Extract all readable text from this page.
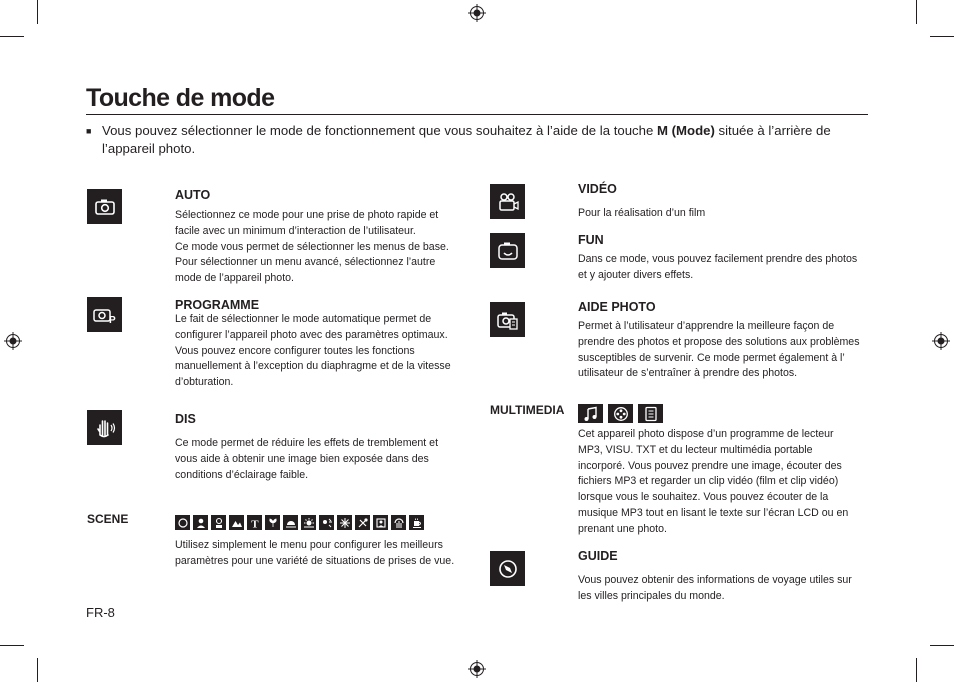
Touche de mode
■ Vous pouvez sélectionner le mode de fonctionnement que vous souhaitez à l’aide de la touche M (Mode) située à l’arrière de l’appareil photo.
AUTO
Sélectionnez ce mode pour une prise de photo rapide et
facile avec un minimum d’interaction de l’utilisateur.
Ce mode vous permet de sélectionner les menus de base.
Pour sélectionner un menu avancé, sélectionnez l’autre
mode de l’appareil photo.
P
PROGRAMME
Le fait de sélectionner le mode automatique permet de
configurer l’appareil photo avec des paramètres optimaux.
Vous pouvez encore configurer toutes les fonctions
manuellement à l’exception du diaphragme et de la vitesse
d’obturation.
DIS
Ce mode permet de réduire les effets de tremblement et
vous aide à obtenir une image bien exposée dans des
conditions d’éclairage faible.
SCENE	T
Utilisez simplement le menu pour configurer les meilleurs
paramètres pour une variété de situations de prises de vue.
VIDÉO
Pour la réalisation d’un film
FUN
Dans ce mode, vous pouvez facilement prendre des photos
et y ajouter divers effets.
AIDE PHOTO
Permet à l’utilisateur d’apprendre la meilleure façon de
prendre des photos et propose des solutions aux problèmes
susceptibles de survenir. Ce mode permet également à l’
utilisateur de s’entraîner à prendre des photos.
MULTIMEDIA
Cet appareil photo dispose d’un programme de lecteur
MP3, VISU. TXT et du lecteur multimédia portable
incorporé. Vous pouvez prendre une image, écouter des
fichiers MP3 et regarder un clip vidéo (film et clip vidéo)
lorsque vous le souhaitez. Vous pouvez écouter de la
musique MP3 tout en lisant le texte sur l’écran LCD ou en
prenant une photo.
GUIDE
Vous pouvez obtenir des informations de voyage utiles sur
les villes principales du monde.
FR-8
